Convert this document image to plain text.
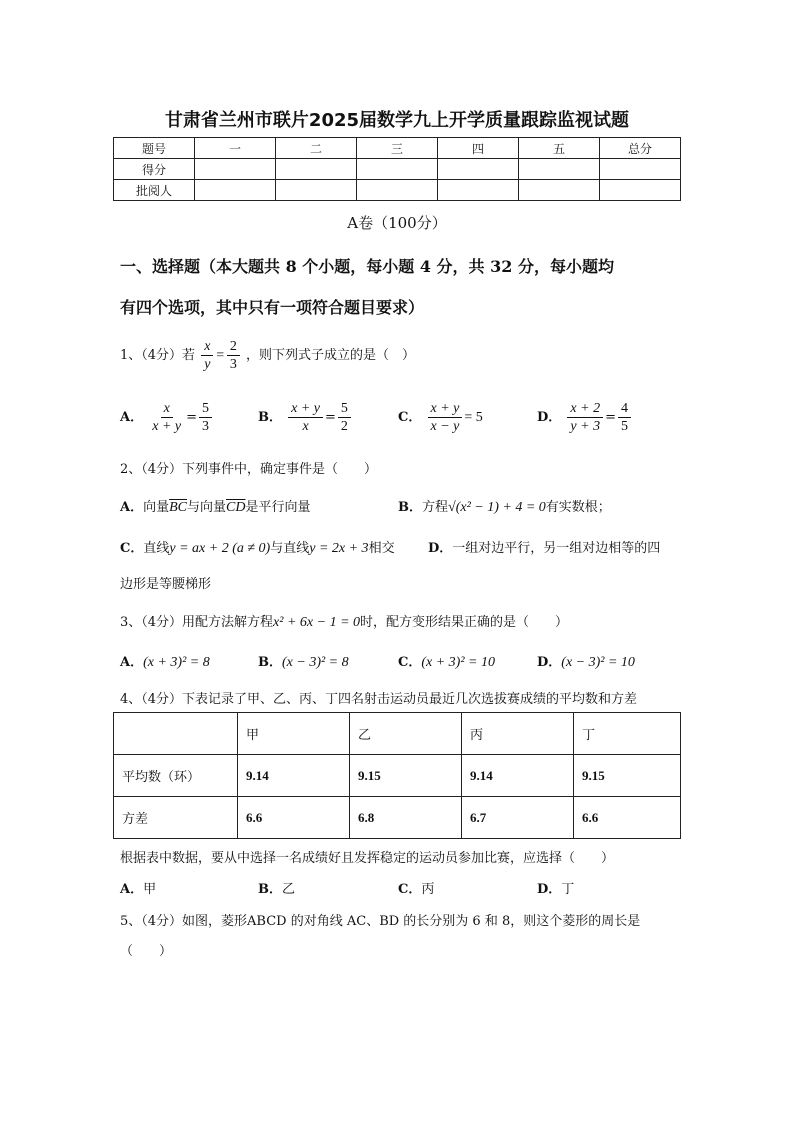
甘肃省兰州市联片2025届数学九上开学质量跟踪监视试题
题号	一	二	三	四	五	总分
得分						
批阅人						
A卷（100分）
一、选择题（本大题共 8 个小题，每小题 4 分，共 32 分，每小题均
有四个选项，其中只有一项符合题目要求）
1、（4分）若 $\frac{x}{y} = \frac{2}{3}$ ，则下列式子成立的是（　）
A． $\frac{x}{x + y} = \frac{5}{3}$	B． $\frac{x + y}{x} = \frac{5}{2}$	C． $\frac{x + y}{x - y} = 5$	D． $\frac{x + 2}{y + 3} = \frac{4}{5}$
2、（4分）下列事件中，确定事件是（　　）
A．向量$\overline{BC}$与向量$\overline{CD}$是平行向量	B．方程√(x² − 1) + 4 = 0有实数根；
C．直线y = ax + 2 (a ≠ 0)与直线y = 2x + 3相交	D．一组对边平行，另一组对边相等的四
边形是等腰梯形
3、（4分）用配方法解方程x² + 6x − 1 = 0时，配方变形结果正确的是（　　）
A．(x + 3)² = 8	B．(x − 3)² = 8	C．(x + 3)² = 10	D．(x − 3)² = 10
4、（4分）下表记录了甲、乙、丙、丁四名射击运动员最近几次选拔赛成绩的平均数和方差
	甲	乙	丙	丁
平均数（环）	9.14	9.15	9.14	9.15
方差	6.6	6.8	6.7	6.6
根据表中数据，要从中选择一名成绩好且发挥稳定的运动员参加比赛，应选择（　　）
A．甲	B．乙	C．丙	D．丁
5、（4分）如图，菱形ABCD 的对角线 AC、BD 的长分别为 6 和 8，则这个菱形的周长是
（　　）
